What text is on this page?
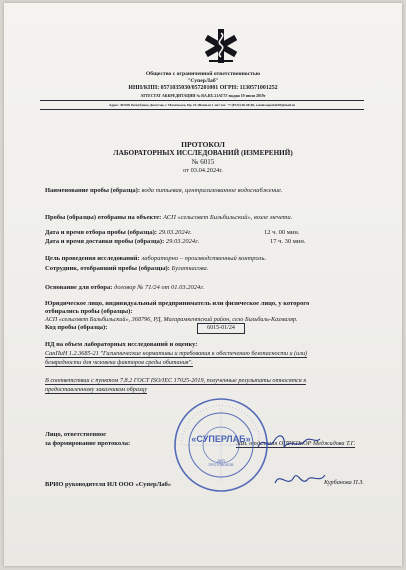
Общество с ограниченной ответственностью
"СуперЛаб"
ИНН/КПП: 0571035030/057201001 ОГРН: 1130571001252
АТТЕСТАТ АККРЕДИТАЦИИ № RA.RU.21АГ57 выдан 19 июля 2019г
Адрес: 367026 Республика Дагестан, г. Махачкала, Пр. И. Шамиля 1 лит тех. +7 (8722) 06-08-08, e.mail.superlab05@mail.ru
ПРОТОКОЛ
ЛАБОРАТОРНЫХ ИССЛЕДОВАНИЙ (ИЗМЕРЕНИЙ)
№ 6015
от 03.04.2024г.
Наименование пробы (образца): вода питьевая, централизованное водоснабжение.
Пробы (образцы) отобраны на объекте: АСП «сельсовет Бильбильский», возле мечети.
Дата и время отбора пробы (образца): 29.03.2024г.	12 ч. 00 мин.
Дата и время доставки пробы (образца): 29.03.2024г.	17 ч. 30 мин.
Цель проведения исследований: лабораторно – производственный контроль.
Сотрудник, отобравший пробы (образцы): Бугаткасова.
Основание для отбора: договор № 71/24 от 01.03.2024г.
Юридическое лицо, индивидуальный предприниматель или физическое лицо, у которого
отбирались пробы (образцы):
АСП «сельсовет Бильбильский», 368796, РД, Магарамкентский район, село Бильбиль-Казмаляр.
Код пробы (образца):	6015-01/24
НД на объем лабораторных исследований и оценку:
СанПиН 1.2.3685-21 "Гигиенические нормативы и требования к обеспечению безопасности и (или)
безвредности для человека факторов среды обитания".
В соответствии с пунктом 7.8.2 ГОСТ ISO/IEC 17025-2019, полученные результаты относятся к
предоставленному заказчиком образцу
Лицо, ответственное
за формирование протокола:	Зам. отделения ОПРКПиОР Меджидова Т.Г.
ВРИО руководителя ИЛ ООО «СуперЛаб»	Курбанова П.З.
· · · · · · · · · · · · · · · · · · · · · · · · · · · · · · · · · · · ·
«СУПЕРЛАБ»
ДЛЯ ПРОТОКОЛОВ
